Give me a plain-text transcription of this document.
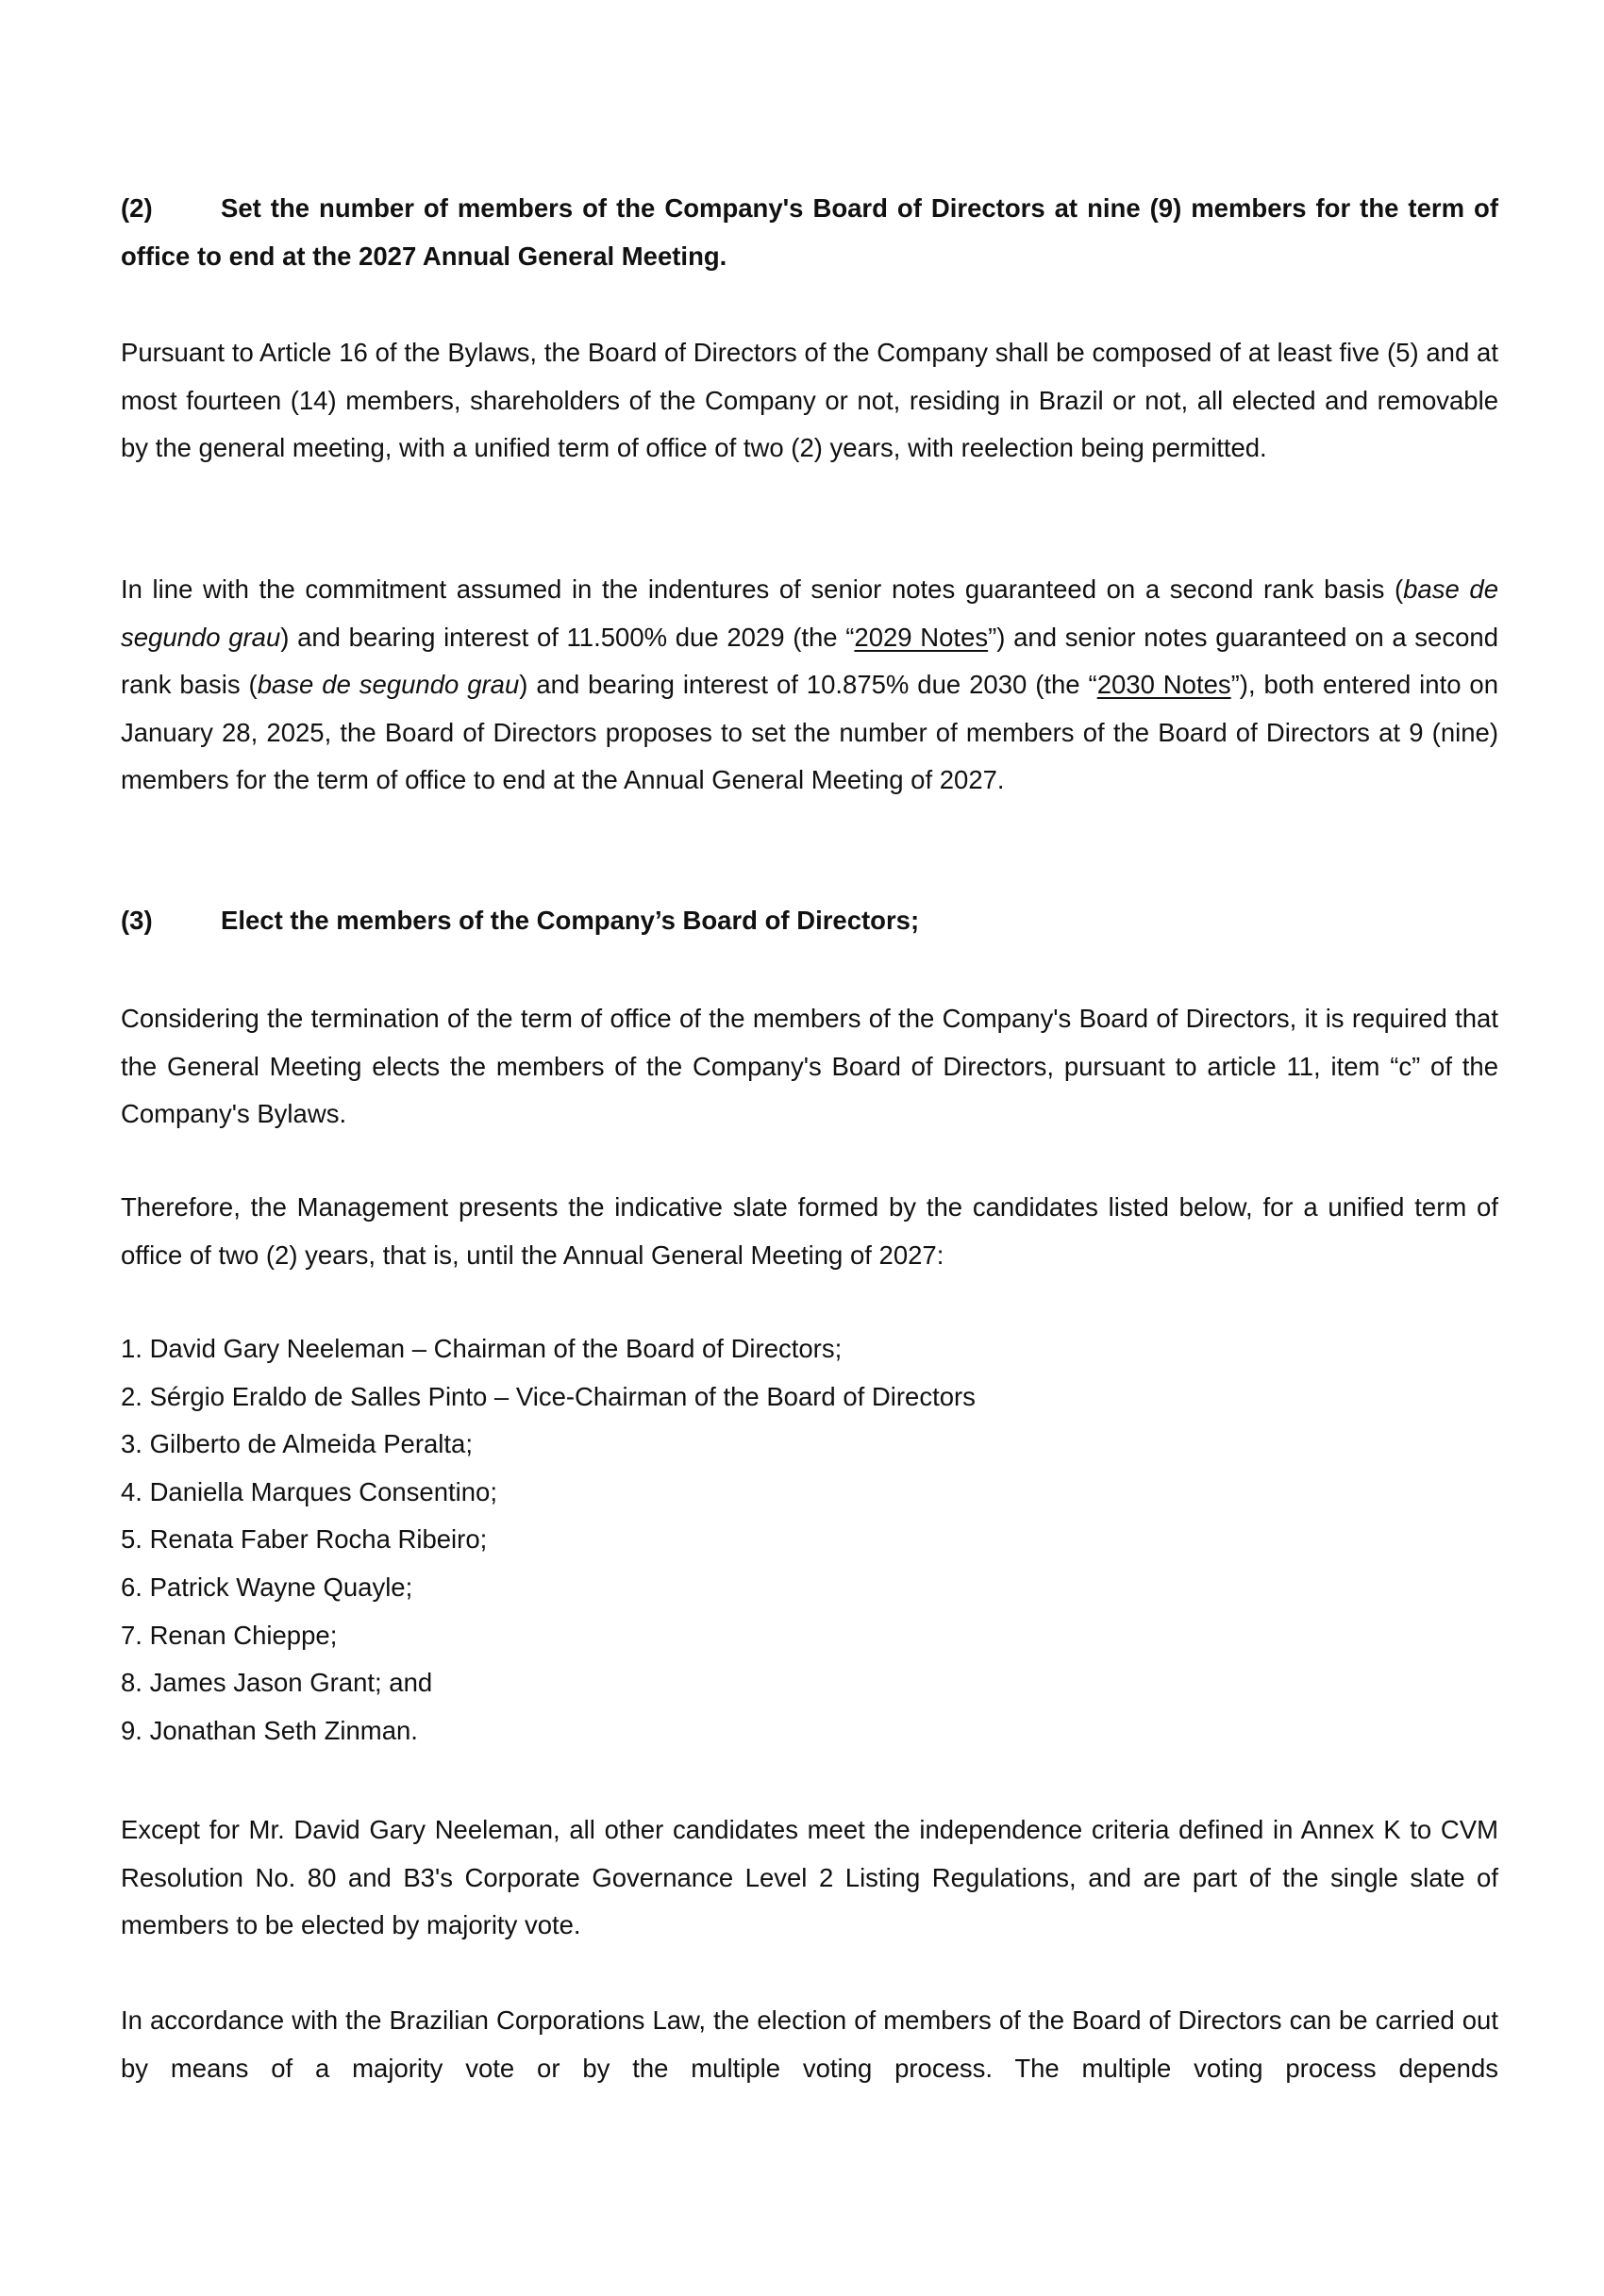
(2)	Set the number of members of the Company's Board of Directors at nine (9) members for the term of office to end at the 2027 Annual General Meeting.

Pursuant to Article 16 of the Bylaws, the Board of Directors of the Company shall be composed of at least five (5) and at most fourteen (14) members, shareholders of the Company or not, residing in Brazil or not, all elected and removable by the general meeting, with a unified term of office of two (2) years, with reelection being permitted.

In line with the commitment assumed in the indentures of senior notes guaranteed on a second rank basis (base de segundo grau) and bearing interest of 11.500% due 2029 (the “2029 Notes”) and senior notes guaranteed on a second rank basis (base de segundo grau) and bearing interest of 10.875% due 2030 (the “2030 Notes”), both entered into on January 28, 2025, the Board of Directors proposes to set the number of members of the Board of Directors at 9 (nine) members for the term of office to end at the Annual General Meeting of 2027.

(3)	Elect the members of the Company’s Board of Directors;

Considering the termination of the term of office of the members of the Company's Board of Directors, it is required that the General Meeting elects the members of the Company's Board of Directors, pursuant to article 11, item “c” of the Company's Bylaws.

Therefore, the Management presents the indicative slate formed by the candidates listed below, for a unified term of office of two (2) years, that is, until the Annual General Meeting of 2027:

1. David Gary Neeleman – Chairman of the Board of Directors;
2. Sérgio Eraldo de Salles Pinto – Vice-Chairman of the Board of Directors
3. Gilberto de Almeida Peralta;
4. Daniella Marques Consentino;
5. Renata Faber Rocha Ribeiro;
6. Patrick Wayne Quayle;
7. Renan Chieppe;
8. James Jason Grant; and
9. Jonathan Seth Zinman.

Except for Mr. David Gary Neeleman, all other candidates meet the independence criteria defined in Annex K to CVM Resolution No. 80 and B3's Corporate Governance Level 2 Listing Regulations, and are part of the single slate of members to be elected by majority vote.

In accordance with the Brazilian Corporations Law, the election of members of the Board of Directors can be carried out by means of a majority vote or by the multiple voting process. The multiple voting process depends
